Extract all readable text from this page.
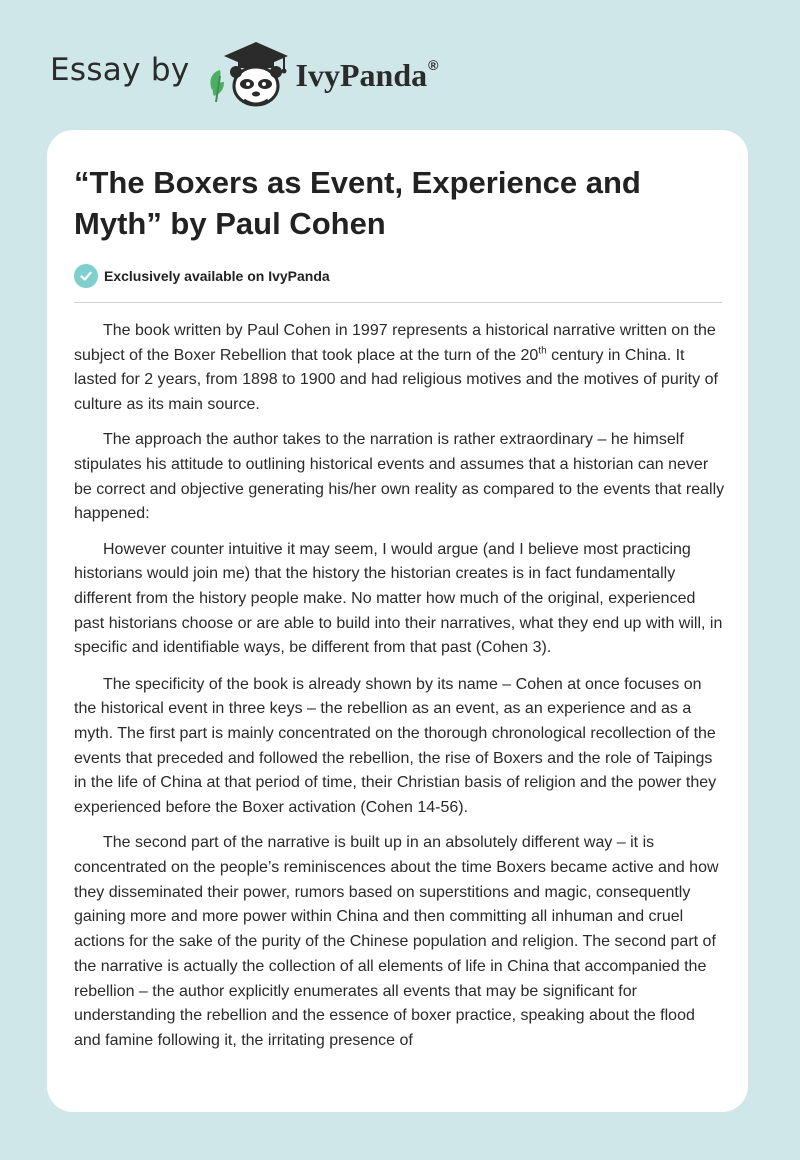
Essay by	IvyPanda®
“The Boxers as Event, Experience and Myth” by Paul Cohen
Exclusively available on IvyPanda

The book written by Paul Cohen in 1997 represents a historical narrative written on the subject of the Boxer Rebellion that took place at the turn of the 20th century in China. It lasted for 2 years, from 1898 to 1900 and had religious motives and the motives of purity of culture as its main source.

The approach the author takes to the narration is rather extraordinary – he himself stipulates his attitude to outlining historical events and assumes that a historian can never be correct and objective generating his/her own reality as compared to the events that really happened:

However counter intuitive it may seem, I would argue (and I believe most practicing historians would join me) that the history the historian creates is in fact fundamentally different from the history people make. No matter how much of the original, experienced past historians choose or are able to build into their narratives, what they end up with will, in specific and identifiable ways, be different from that past (Cohen 3).

The specificity of the book is already shown by its name – Cohen at once focuses on the historical event in three keys – the rebellion as an event, as an experience and as a myth. The first part is mainly concentrated on the thorough chronological recollection of the events that preceded and followed the rebellion, the rise of Boxers and the role of Taipings in the life of China at that period of time, their Christian basis of religion and the power they experienced before the Boxer activation (Cohen 14-56).

The second part of the narrative is built up in an absolutely different way – it is concentrated on the people’s reminiscences about the time Boxers became active and how they disseminated their power, rumors based on superstitions and magic, consequently gaining more and more power within China and then committing all inhuman and cruel actions for the sake of the purity of the Chinese population and religion. The second part of the narrative is actually the collection of all elements of life in China that accompanied the rebellion – the author explicitly enumerates all events that may be significant for understanding the rebellion and the essence of boxer practice, speaking about the flood and famine following it, the irritating presence of
